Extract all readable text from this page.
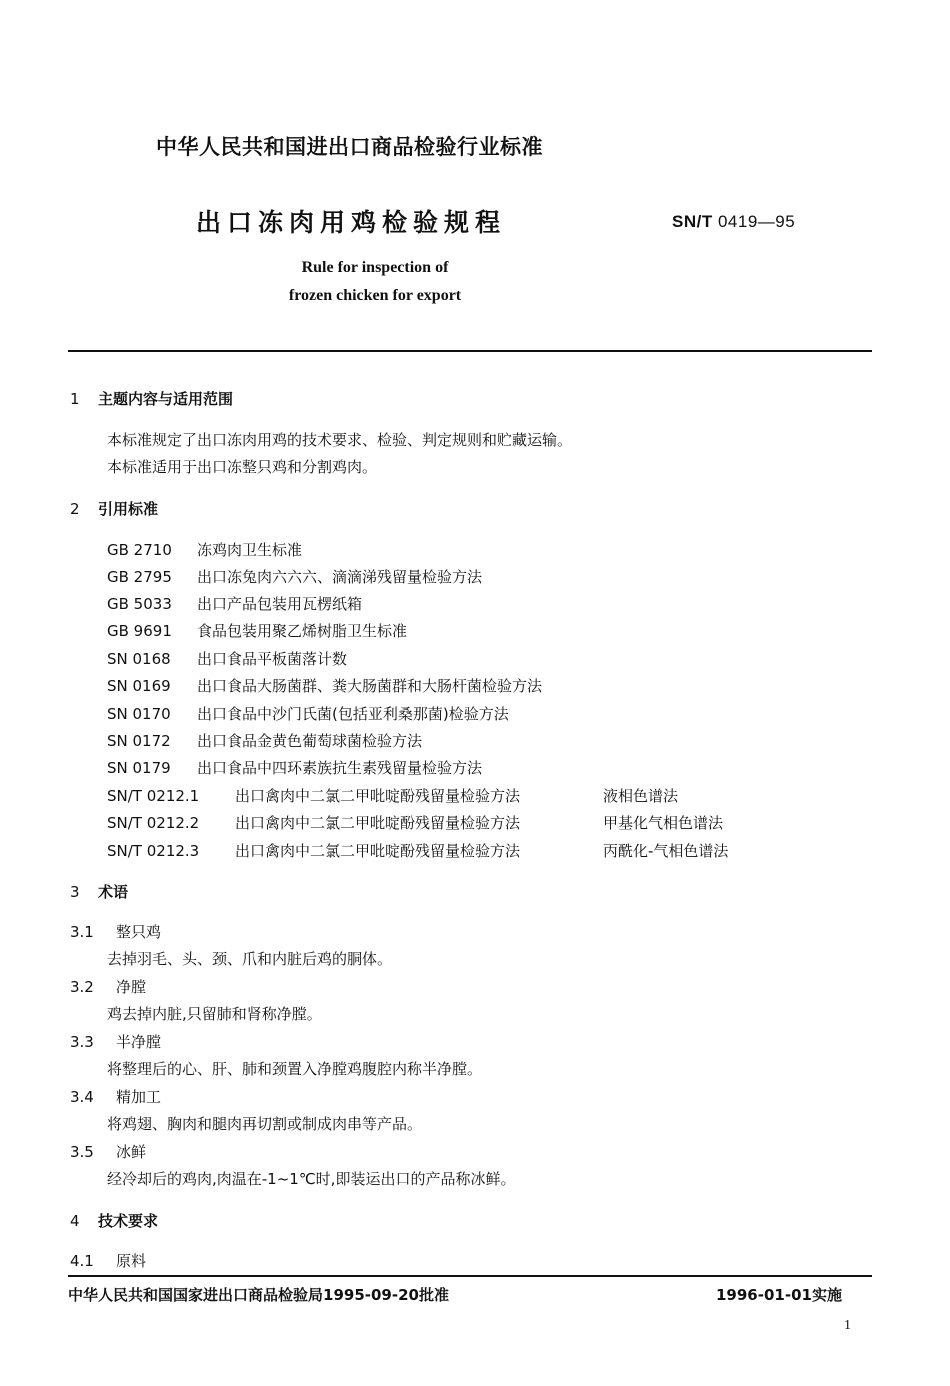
中华人民共和国进出口商品检验行业标准
出口冻肉用鸡检验规程	SN/T 0419—95
Rule for inspection of
frozen chicken for export
1 主题内容与适用范围
本标准规定了出口冻肉用鸡的技术要求、检验、判定规则和贮藏运输。
本标准适用于出口冻整只鸡和分割鸡肉。
2 引用标准
GB 2710 冻鸡肉卫生标准
GB 2795 出口冻兔肉六六六、滴滴涕残留量检验方法
GB 5033 出口产品包装用瓦楞纸箱
GB 9691 食品包装用聚乙烯树脂卫生标准
SN 0168 出口食品平板菌落计数
SN 0169 出口食品大肠菌群、粪大肠菌群和大肠杆菌检验方法
SN 0170 出口食品中沙门氏菌(包括亚利桑那菌)检验方法
SN 0172 出口食品金黄色葡萄球菌检验方法
SN 0179 出口食品中四环素族抗生素残留量检验方法
SN/T 0212.1 出口禽肉中二氯二甲吡啶酚残留量检验方法	液相色谱法
SN/T 0212.2 出口禽肉中二氯二甲吡啶酚残留量检验方法	甲基化气相色谱法
SN/T 0212.3 出口禽肉中二氯二甲吡啶酚残留量检验方法	丙酰化-气相色谱法
3 术语
3.1 整只鸡
去掉羽毛、头、颈、爪和内脏后鸡的胴体。
3.2 净膛
鸡去掉内脏,只留肺和肾称净膛。
3.3 半净膛
将整理后的心、肝、肺和颈置入净膛鸡腹腔内称半净膛。
3.4 精加工
将鸡翅、胸肉和腿肉再切割或制成肉串等产品。
3.5 冰鲜
经冷却后的鸡肉,肉温在-1~1℃时,即装运出口的产品称冰鲜。
4 技术要求
4.1 原料
中华人民共和国国家进出口商品检验局1995-09-20批准	1996-01-01实施
1
